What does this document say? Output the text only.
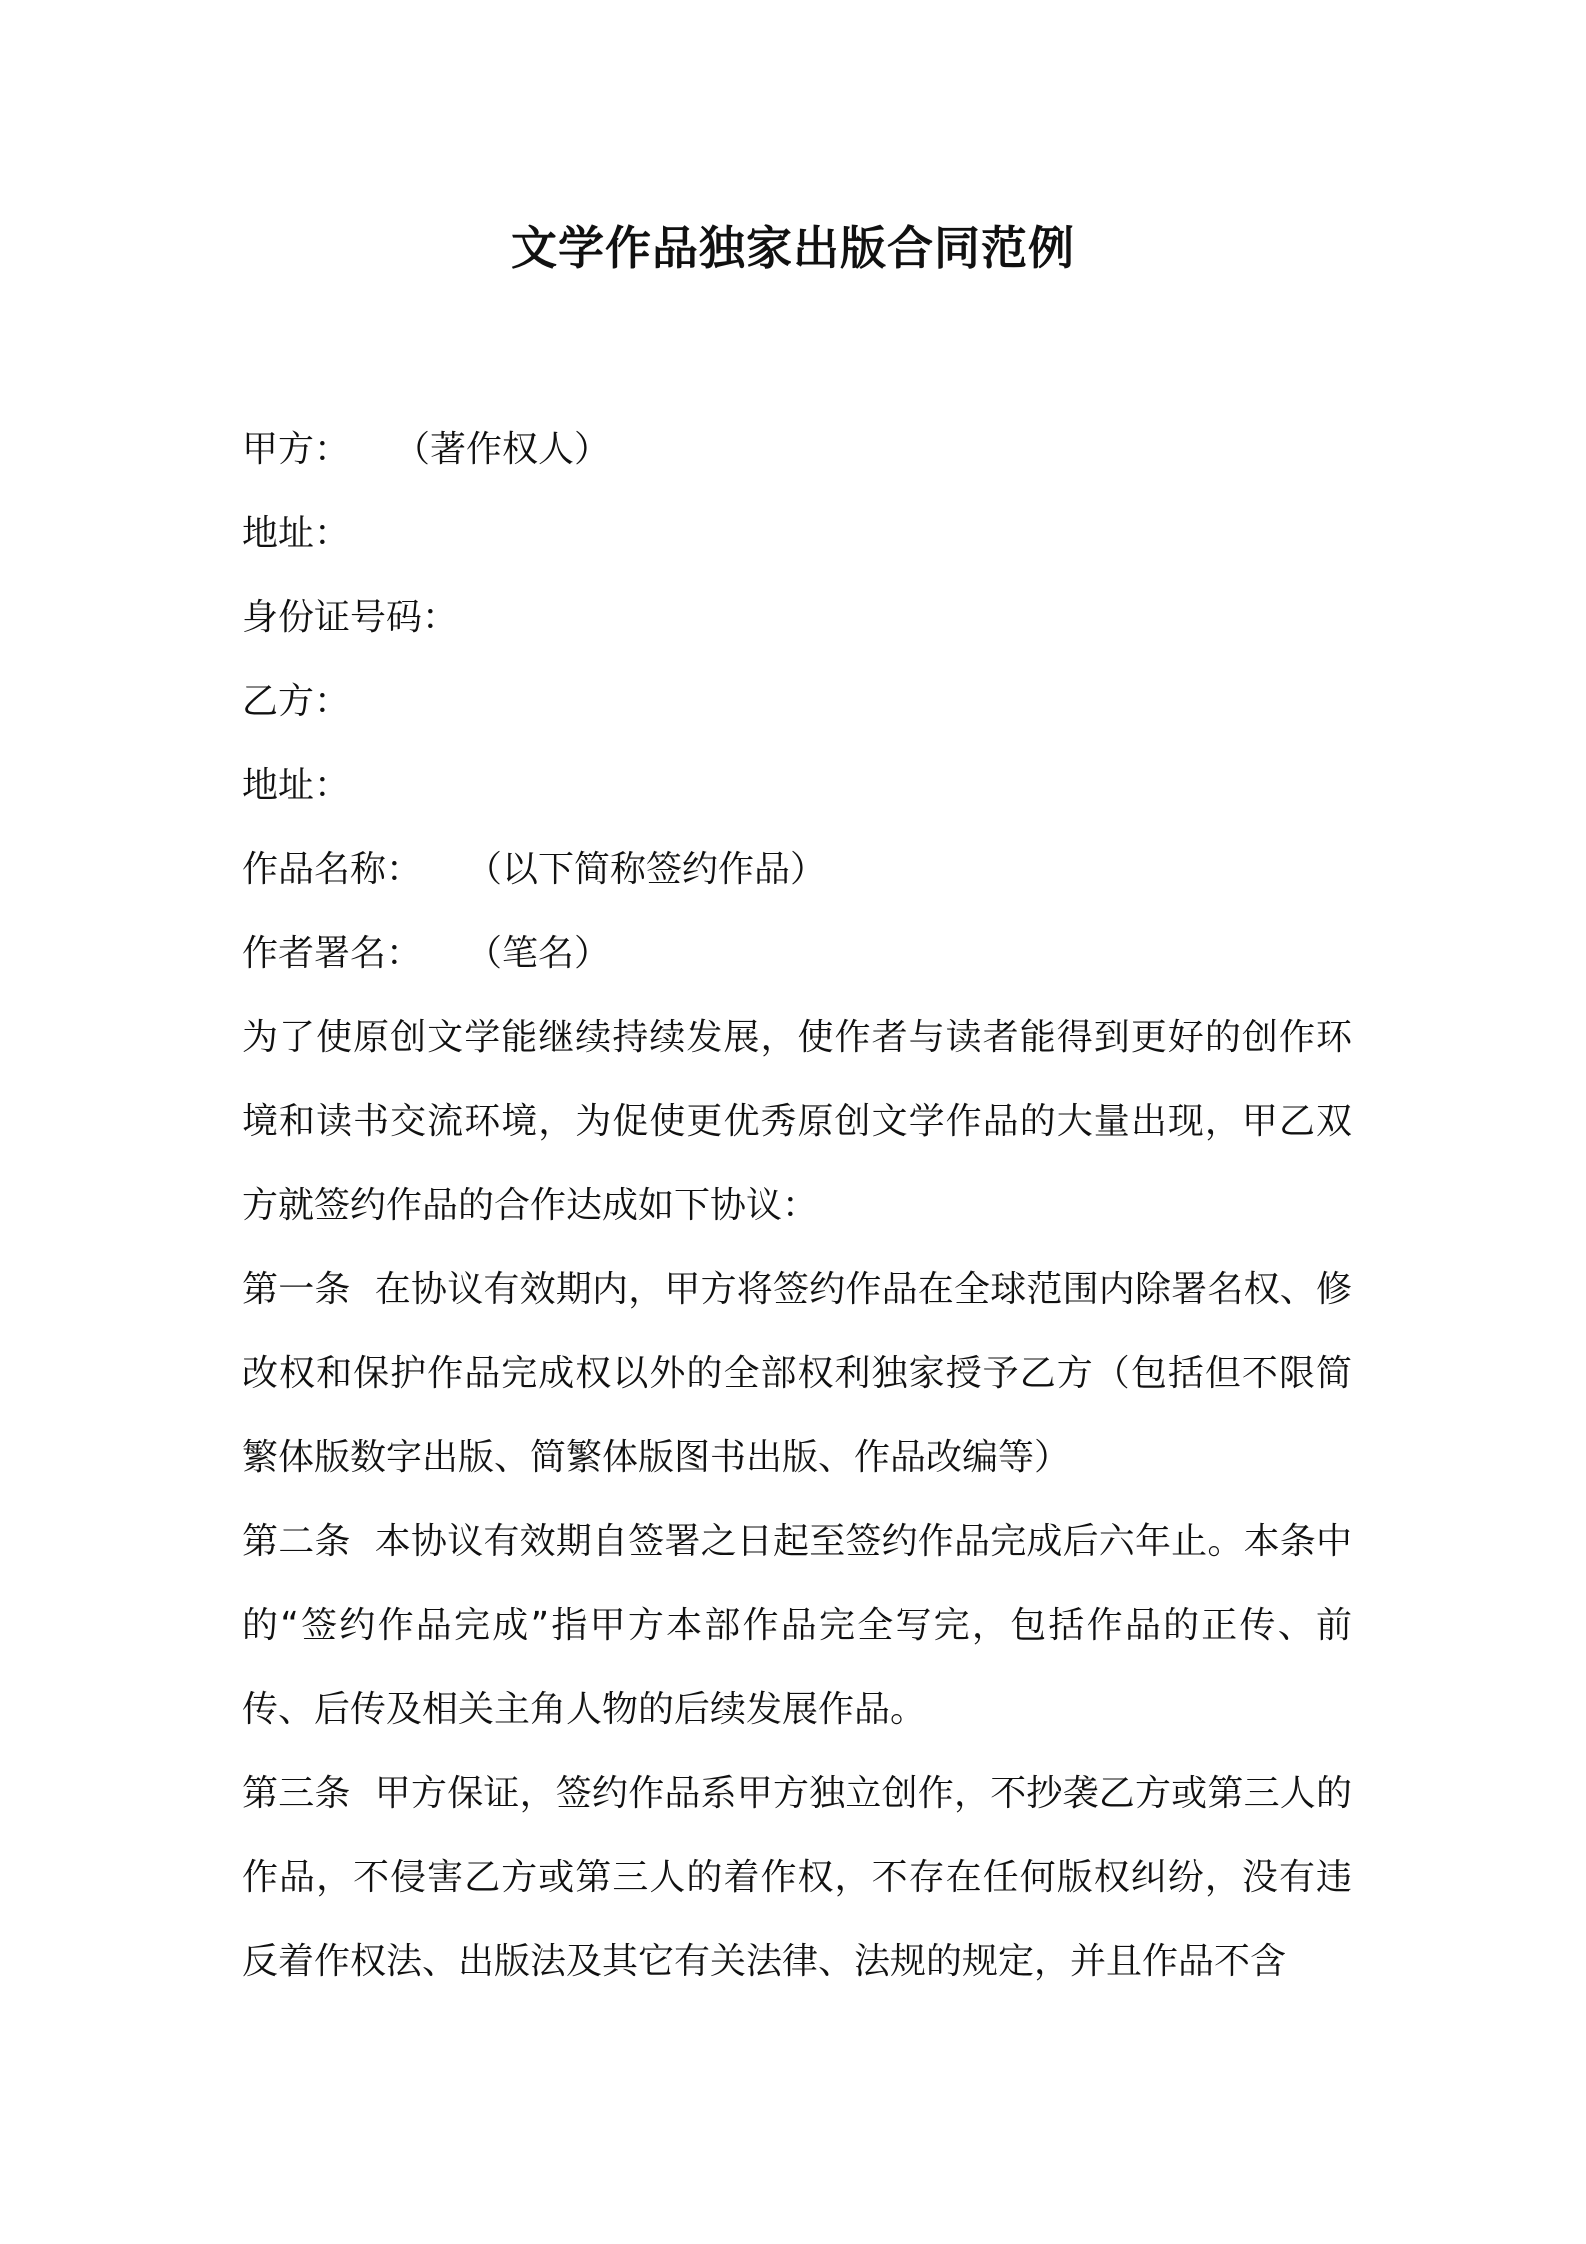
文学作品独家出版合同范例
甲方： （著作权人）
地址：
身份证号码：
乙方：
地址：
作品名称： （以下简称签约作品）
作者署名： （笔名）
为了使原创文学能继续持续发展，使作者与读者能得到更好的创作环境和读书交流环境，为促使更优秀原创文学作品的大量出现，甲乙双方就签约作品的合作达成如下协议：
第一条 在协议有效期内，甲方将签约作品在全球范围内除署名权、修改权和保护作品完成权以外的全部权利独家授予乙方（包括但不限简繁体版数字出版、简繁体版图书出版、作品改编等）
第二条 本协议有效期自签署之日起至签约作品完成后六年止。本条中的“签约作品完成”指甲方本部作品完全写完，包括作品的正传、前传、后传及相关主角人物的后续发展作品。
第三条 甲方保证，签约作品系甲方独立创作，不抄袭乙方或第三人的作品，不侵害乙方或第三人的着作权，不存在任何版权纠纷，没有违反着作权法、出版法及其它有关法律、法规的规定，并且作品不含
